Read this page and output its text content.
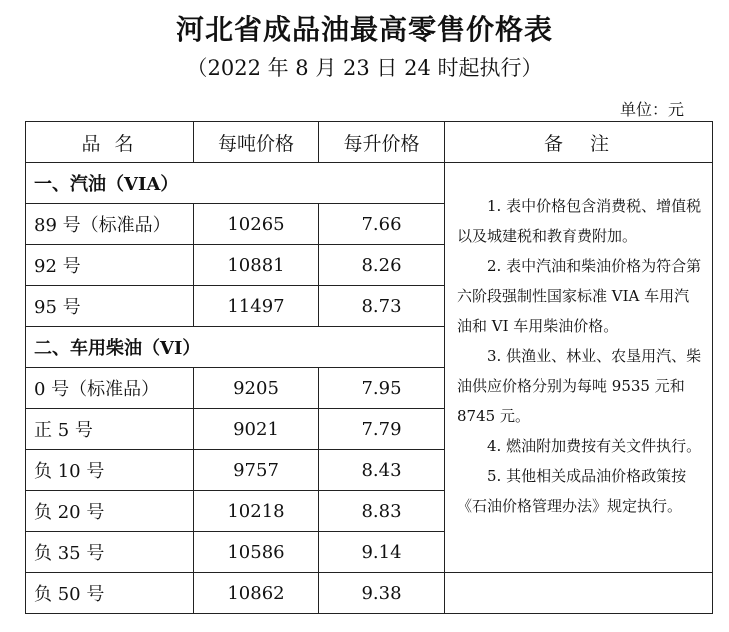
河北省成品油最高零售价格表
（2022 年 8 月 23 日 24 时起执行）
单位：元
品 名	每吨价格	每升价格	备　注
一、汽油（VIA）			1. 表中价格包含消费税、增值税以及城建税和教育费附加。

2. 表中汽油和柴油价格为符合第六阶段强制性国家标准 VIA 车用汽油和 VI 车用柴油价格。

3. 供渔业、林业、农垦用汽、柴油供应价格分别为每吨 9535 元和 8745 元。

4. 燃油附加费按有关文件执行。

5. 其他相关成品油价格政策按《石油价格管理办法》规定执行。

89 号（标准品）	10265	7.66	
92 号	10881	8.26	
95 号	11497	8.73	
二、车用柴油（VI）			
0 号（标准品）	9205	7.95	
正 5 号	9021	7.79	
负 10 号	9757	8.43	
负 20 号	10218	8.83	
负 35 号	10586	9.14	
负 50 号	10862	9.38	
